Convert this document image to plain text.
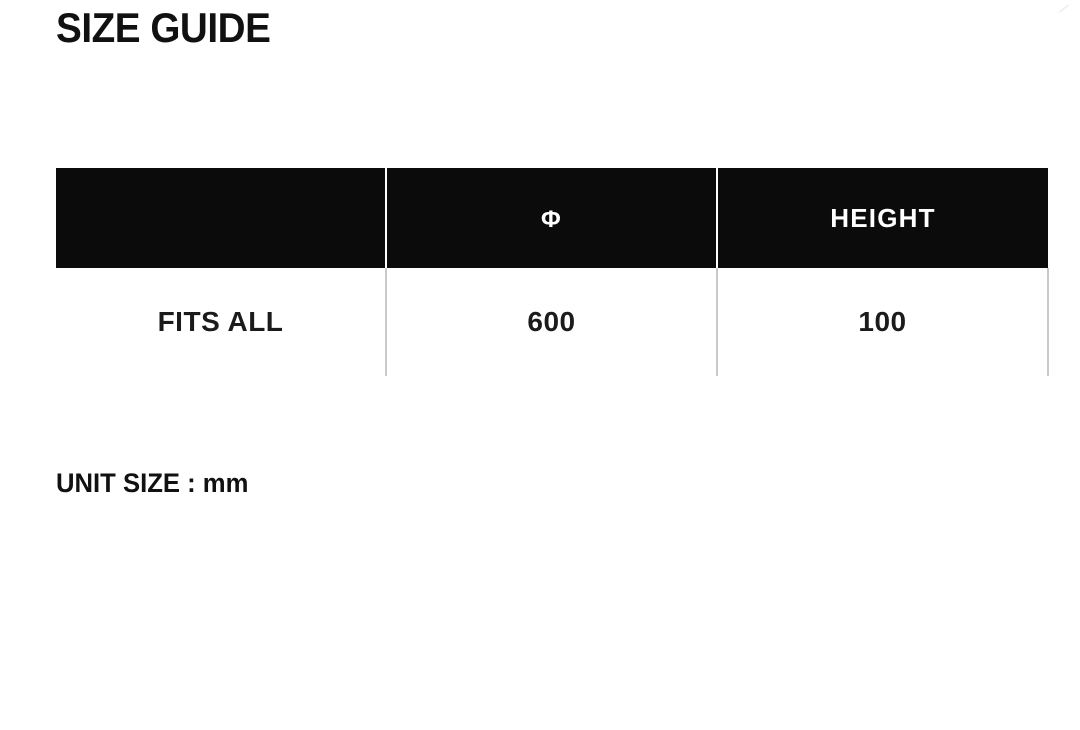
SIZE GUIDE
	Φ	HEIGHT
FITS ALL	600	100
UNIT SIZE : mm
